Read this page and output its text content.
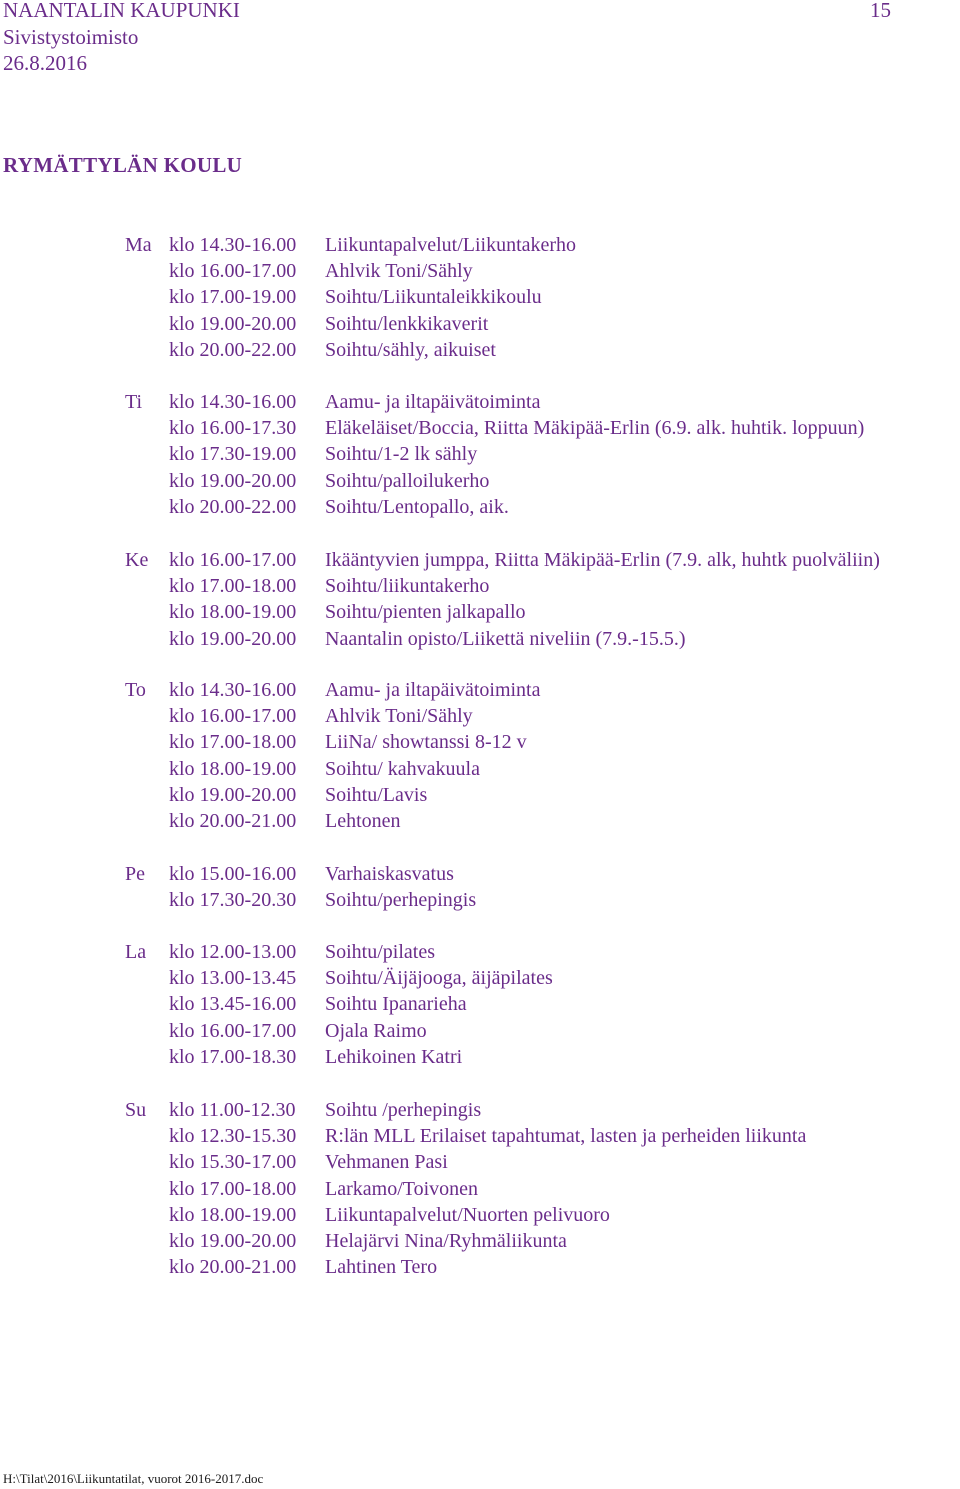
NAANTALIN KAUPUNKI
Sivistystoimisto
26.8.2016
15
RYMÄTTYLÄN KOULU
Ma klo 14.30-16.00 Liikuntapalvelut/Liikuntakerho
klo 16.00-17.00 Ahlvik Toni/Sähly
klo 17.00-19.00 Soihtu/Liikuntaleikkikoulu
klo 19.00-20.00 Soihtu/lenkkikaverit
klo 20.00-22.00 Soihtu/sähly, aikuiset
Ti klo 14.30-16.00 Aamu- ja iltapäivätoiminta
klo 16.00-17.30 Eläkeläiset/Boccia, Riitta Mäkipää-Erlin (6.9. alk. huhtik. loppuun)
klo 17.30-19.00 Soihtu/1-2 lk sähly
klo 19.00-20.00 Soihtu/palloilukerho
klo 20.00-22.00 Soihtu/Lentopallo, aik.
Ke klo 16.00-17.00 Ikääntyvien jumppa, Riitta Mäkipää-Erlin (7.9. alk, huhtk puolväliin)
klo 17.00-18.00 Soihtu/liikuntakerho
klo 18.00-19.00 Soihtu/pienten jalkapallo
klo 19.00-20.00 Naantalin opisto/Liikettä niveliin (7.9.-15.5.)
To klo 14.30-16.00 Aamu- ja iltapäivätoiminta
klo 16.00-17.00 Ahlvik Toni/Sähly
klo 17.00-18.00 LiiNa/ showtanssi 8-12 v
klo 18.00-19.00 Soihtu/ kahvakuula
klo 19.00-20.00 Soihtu/Lavis
klo 20.00-21.00 Lehtonen
Pe klo 15.00-16.00 Varhaiskasvatus
klo 17.30-20.30 Soihtu/perhepingis
La klo 12.00-13.00 Soihtu/pilates
klo 13.00-13.45 Soihtu/Äijäjooga, äijäpilates
klo 13.45-16.00 Soihtu Ipanarieha
klo 16.00-17.00 Ojala Raimo
klo 17.00-18.30 Lehikoinen Katri
Su klo 11.00-12.30 Soihtu /perhepingis
klo 12.30-15.30 R:län MLL Erilaiset tapahtumat, lasten ja perheiden liikunta
klo 15.30-17.00 Vehmanen Pasi
klo 17.00-18.00 Larkamo/Toivonen
klo 18.00-19.00 Liikuntapalvelut/Nuorten pelivuoro
klo 19.00-20.00 Helajärvi Nina/Ryhmäliikunta
klo 20.00-21.00 Lahtinen Tero
H:\Tilat\2016\Liikuntatilat, vuorot 2016-2017.doc
